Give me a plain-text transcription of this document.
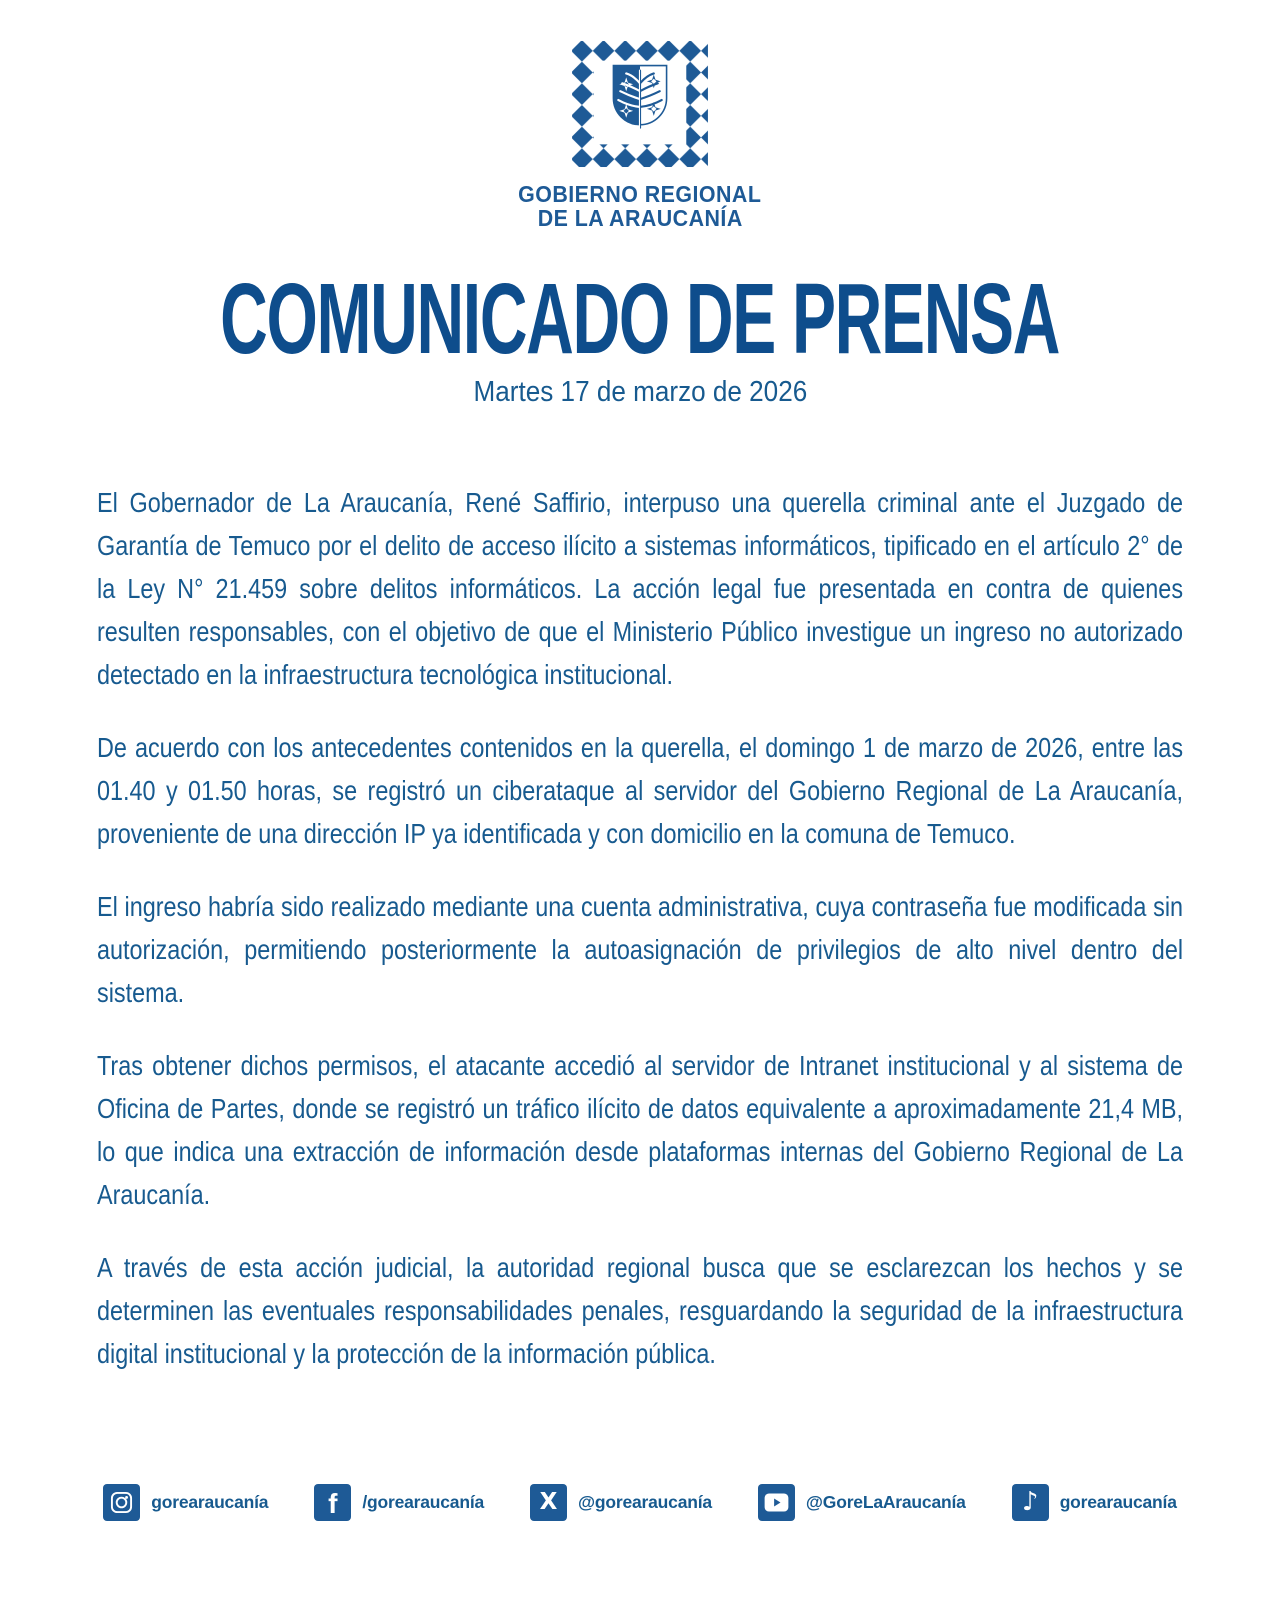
GOBIERNO REGIONAL
DE LA ARAUCANÍA
COMUNICADO DE PRENSA
Martes 17 de marzo de 2026

El Gobernador de La Araucanía, René Saffirio, interpuso una querella criminal ante el Juzgado de Garantía de Temuco por el delito de acceso ilícito a sistemas informáticos, tipificado en el artículo 2° de la Ley N° 21.459 sobre delitos informáticos. La acción legal fue presentada en contra de quienes resulten responsables, con el objetivo de que el Ministerio Público investigue un ingreso no autorizado detectado en la infraestructura tecnológica institucional.

De acuerdo con los antecedentes contenidos en la querella, el domingo 1 de marzo de 2026, entre las 01.40 y 01.50 horas, se registró un ciberataque al servidor del Gobierno Regional de La Araucanía, proveniente de una dirección IP ya identificada y con domicilio en la comuna de Temuco.

El ingreso habría sido realizado mediante una cuenta administrativa, cuya contraseña fue modificada sin autorización, permitiendo posteriormente la autoasignación de privilegios de alto nivel dentro del sistema.

Tras obtener dichos permisos, el atacante accedió al servidor de Intranet institucional y al sistema de Oficina de Partes, donde se registró un tráfico ilícito de datos equivalente a aproximadamente 21,4 MB, lo que indica una extracción de información desde plataformas internas del Gobierno Regional de La Araucanía.

A través de esta acción judicial, la autoridad regional busca que se esclarezcan los hechos y se determinen las eventuales responsabilidades penales, resguardando la seguridad de la infraestructura digital institucional y la protección de la información pública.

gorearaucanía f /gorearaucanía X @gorearaucanía	@GoreLaAraucanía ♪ gorearaucanía
